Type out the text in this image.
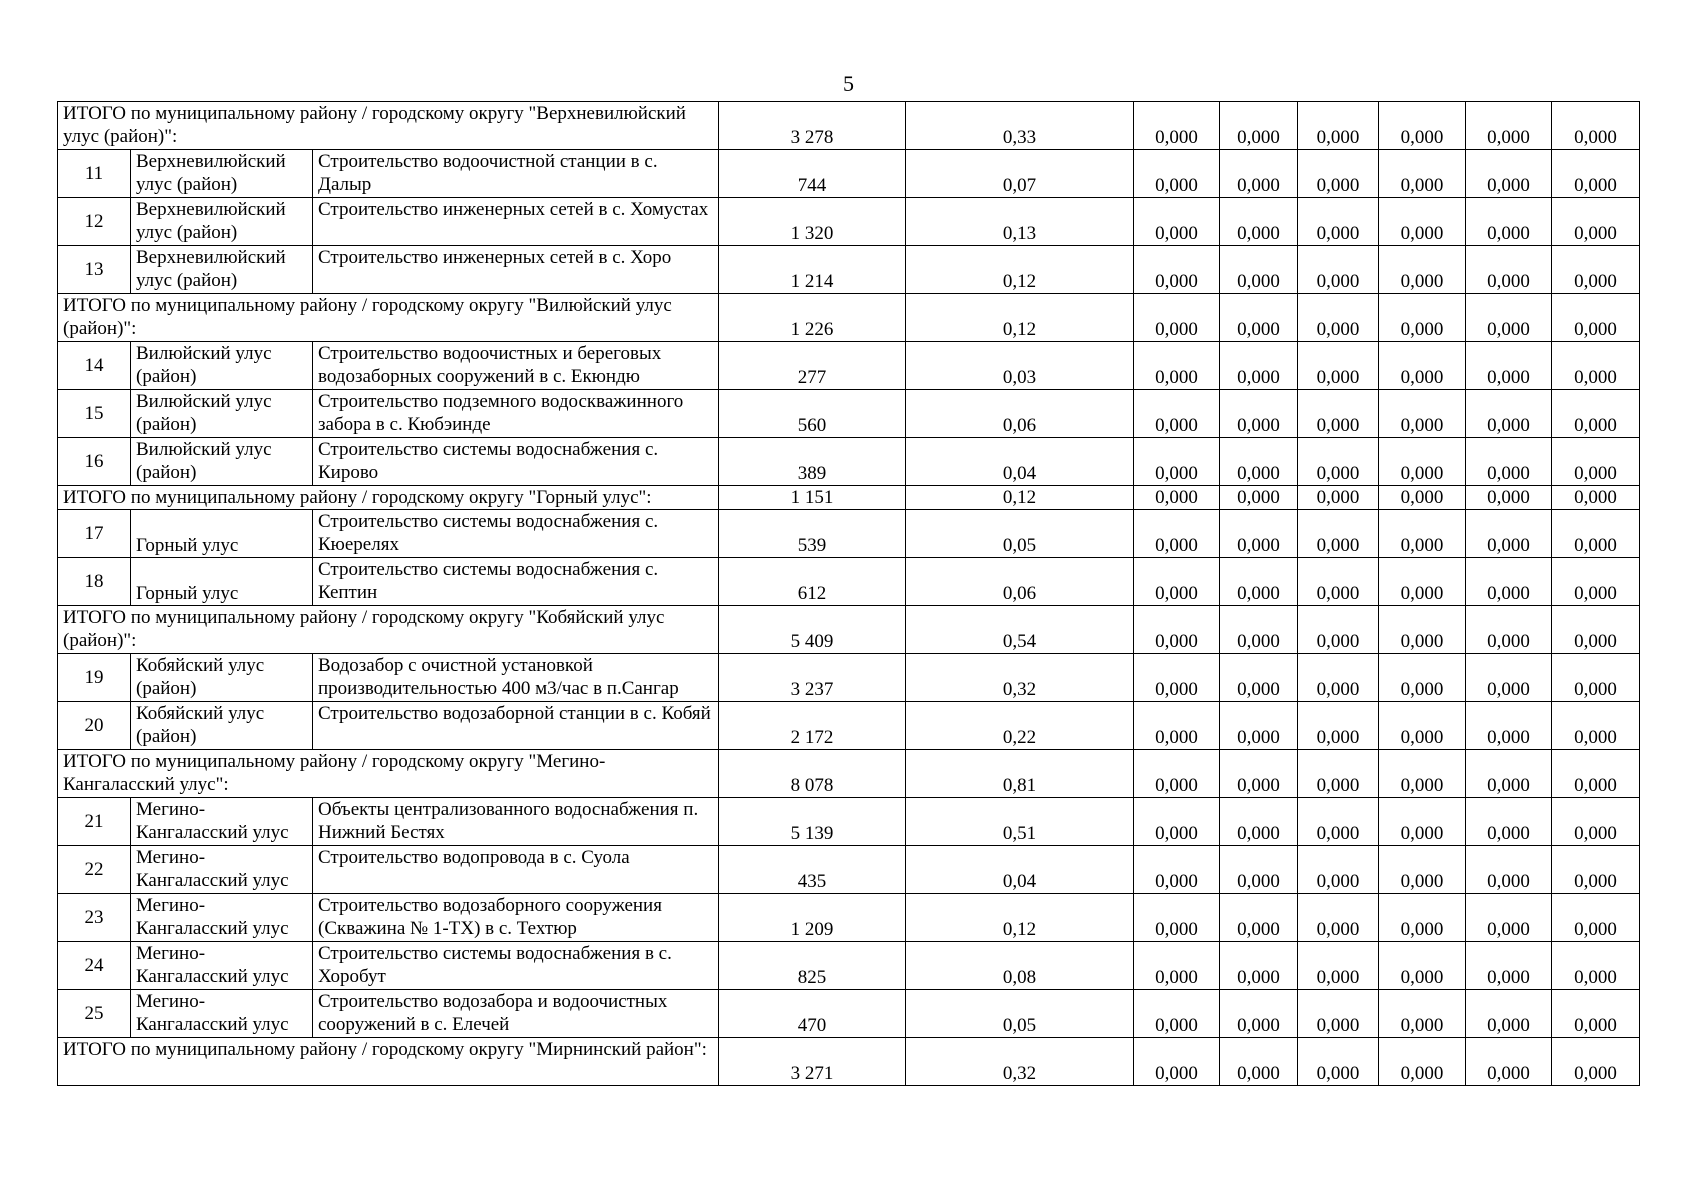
5
ИТОГО по муниципальному району / городскому округу "Верхневилюйский улус (район)":			3 278	0,33	0,000	0,000	0,000	0,000	0,000	0,000
11	Верхневилюйский улус (район)	Строительство водоочистной станции в с. Далыр	744	0,07	0,000	0,000	0,000	0,000	0,000	0,000
12	Верхневилюйский улус (район)	Строительство инженерных сетей в с. Хомустах	1 320	0,13	0,000	0,000	0,000	0,000	0,000	0,000
13	Верхневилюйский улус (район)	Строительство инженерных сетей в с. Хоро	1 214	0,12	0,000	0,000	0,000	0,000	0,000	0,000
ИТОГО по муниципальному району / городскому округу "Вилюйский улус (район)":			1 226	0,12	0,000	0,000	0,000	0,000	0,000	0,000
14	Вилюйский улус (район)	Строительство водоочистных и береговых водозаборных сооружений в с. Екюндю	277	0,03	0,000	0,000	0,000	0,000	0,000	0,000
15	Вилюйский улус (район)	Строительство подземного водоскважинного забора в с. Кюбэинде	560	0,06	0,000	0,000	0,000	0,000	0,000	0,000
16	Вилюйский улус (район)	Строительство системы водоснабжения с. Кирово	389	0,04	0,000	0,000	0,000	0,000	0,000	0,000
ИТОГО по муниципальному району / городскому округу "Горный улус":			1 151	0,12	0,000	0,000	0,000	0,000	0,000	0,000
17	Горный улус	Строительство системы водоснабжения с. Кюерелях	539	0,05	0,000	0,000	0,000	0,000	0,000	0,000
18	Горный улус	Строительство системы водоснабжения с. Кептин	612	0,06	0,000	0,000	0,000	0,000	0,000	0,000
ИТОГО по муниципальному району / городскому округу "Кобяйский улус (район)":			5 409	0,54	0,000	0,000	0,000	0,000	0,000	0,000
19	Кобяйский улус (район)	Водозабор с очистной установкой производительностью 400 м3/час в п.Сангар	3 237	0,32	0,000	0,000	0,000	0,000	0,000	0,000
20	Кобяйский улус (район)	Строительство водозаборной станции в с. Кобяй	2 172	0,22	0,000	0,000	0,000	0,000	0,000	0,000
ИТОГО по муниципальному району / городскому округу "Мегино-Кангаласский улус":			8 078	0,81	0,000	0,000	0,000	0,000	0,000	0,000
21	Мегино-Кангаласский улус	Объекты централизованного водоснабжения п. Нижний Бестях	5 139	0,51	0,000	0,000	0,000	0,000	0,000	0,000
22	Мегино-Кангаласский улус	Строительство водопровода в с. Суола	435	0,04	0,000	0,000	0,000	0,000	0,000	0,000
23	Мегино-Кангаласский улус	Строительство водозаборного сооружения (Скважина № 1-ТХ) в с. Техтюр	1 209	0,12	0,000	0,000	0,000	0,000	0,000	0,000
24	Мегино-Кангаласский улус	Строительство системы водоснабжения в с. Хоробут	825	0,08	0,000	0,000	0,000	0,000	0,000	0,000
25	Мегино-Кангаласский улус	Строительство водозабора и водоочистных сооружений в с. Елечей	470	0,05	0,000	0,000	0,000	0,000	0,000	0,000
ИТОГО по муниципальному району / городскому округу "Мирнинский район":			3 271	0,32	0,000	0,000	0,000	0,000	0,000	0,000
